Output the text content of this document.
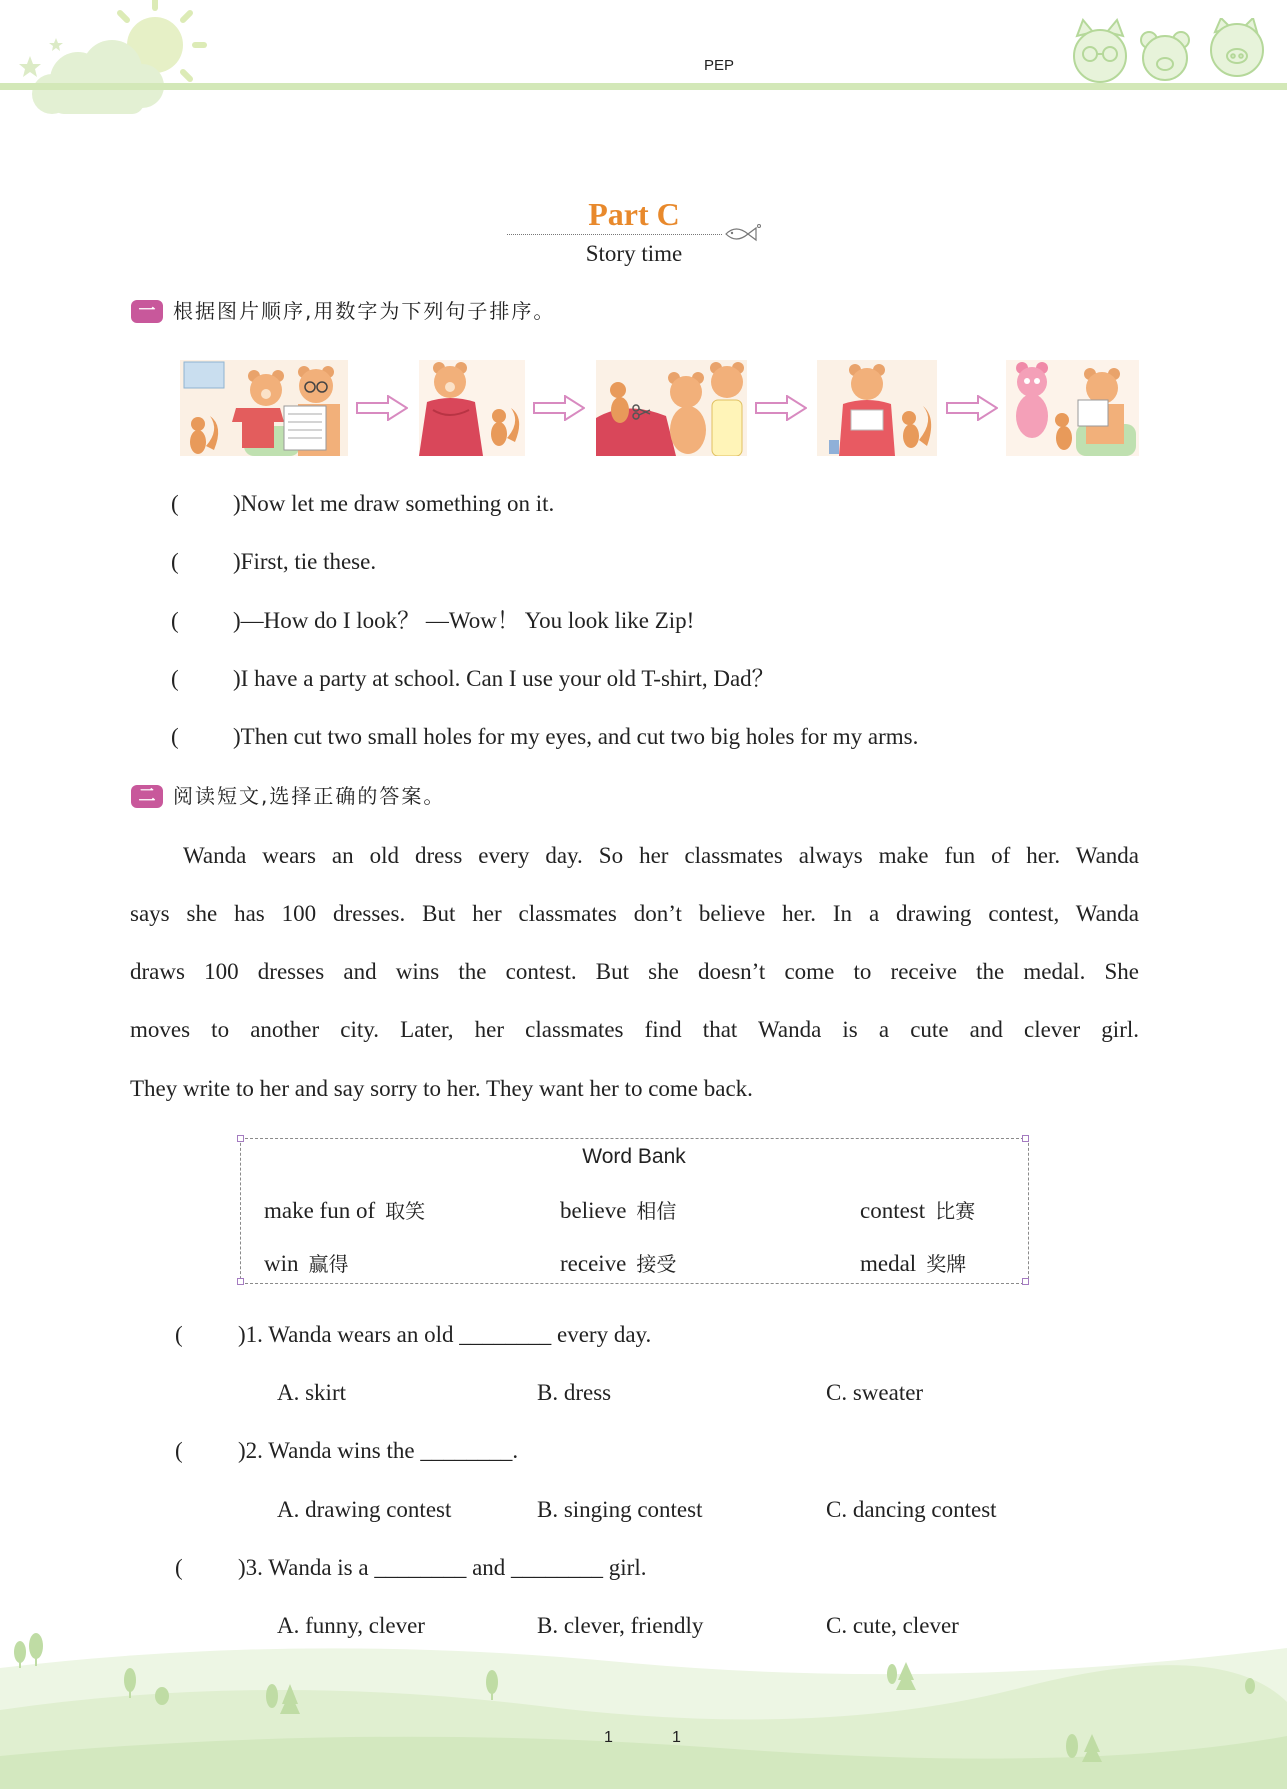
PEP
Part C
Story time
一 根据图片顺序,用数字为下列句子排序。
( )Now let me draw something on it.
( )First, tie these.
( )—How do I look？ —Wow！ You look like Zip!
( )I have a party at school. Can I use your old T-shirt, Dad？
( )Then cut two small holes for my eyes, and cut two big holes for my arms.
二 阅读短文,选择正确的答案。
Wanda wears an old dress every day. So her classmates always make fun of her. Wanda
says she has 100 dresses. But her classmates don’t believe her. In a drawing contest, Wanda
draws 100 dresses and wins the contest. But she doesn’t come to receive the medal. She
moves to another city. Later, her classmates find that Wanda is a cute and clever girl.
They write to her and say sorry to her. They want her to come back.
Word Bank
make fun of 取笑	believe 相信	contest 比赛
win 赢得	receive 接受	medal 奖牌
( )1. Wanda wears an old ________ every day.
A. skirt	B. dress	C. sweater
( )2. Wanda wins the ________.
A. drawing contest	B. singing contest	C. dancing contest
( )3. Wanda is a ________ and ________ girl.
A. funny, clever	B. clever, friendly	C. cute, clever
1	1
